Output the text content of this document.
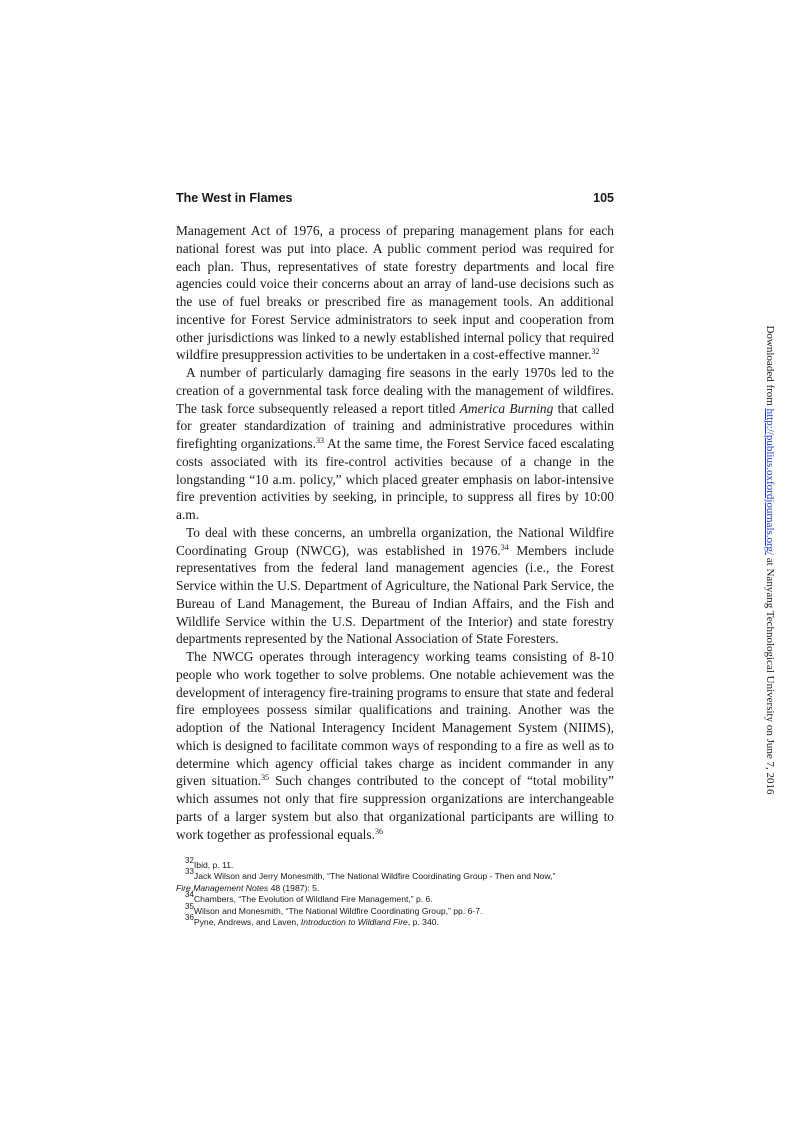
The West in Flames	105

Management Act of 1976, a process of preparing management plans for each national forest was put into place. A public comment period was required for each plan. Thus, representatives of state forestry departments and local fire agencies could voice their concerns about an array of land-use decisions such as the use of fuel breaks or prescribed fire as management tools. An additional incentive for Forest Service administrators to seek input and cooperation from other jurisdictions was linked to a newly established internal policy that required wildfire presuppression activities to be undertaken in a cost-effective manner.$^{32}$

A number of particularly damaging fire seasons in the early 1970s led to the creation of a governmental task force dealing with the management of wildfires. The task force subsequently released a report titled America Burning that called for greater standardization of training and administrative procedures within firefighting organizations.$^{33}$ At the same time, the Forest Service faced escalating costs associated with its fire-control activities because of a change in the longstanding “10 a.m. policy,” which placed greater emphasis on labor-intensive fire prevention activities by seeking, in principle, to suppress all fires by 10:00 a.m.

To deal with these concerns, an umbrella organization, the National Wildfire Coordinating Group (NWCG), was established in 1976.34 Members include representatives from the federal land management agencies (i.e., the Forest Service within the U.S. Department of Agriculture, the National Park Service, the Bureau of Land Management, the Bureau of Indian Affairs, and the Fish and Wildlife Service within the U.S. Department of the Interior) and state forestry departments represented by the National Association of State Foresters.

The NWCG operates through interagency working teams consisting of 8-10 people who work together to solve problems. One notable achievement was the development of interagency fire-training programs to ensure that state and federal fire employees possess similar qualifications and training. Another was the adoption of the National Interagency Incident Management System (NIIMS), which is designed to facilitate common ways of responding to a fire as well as to determine which agency official takes charge as incident commander in any given situation.$^{35}$ Such changes contributed to the concept of “total mobility” which assumes not only that fire suppression organizations are interchangeable parts of a larger system but also that organizational participants are willing to work together as professional equals.$^{36}$

$^{32}$Ibid, p. 11.
$^{33}$Jack Wilson and Jerry Monesmith, “The National Wildfire Coordinating Group - Then and Now,”
Fire Management Notes 48 (1987): 5.
$^{34}$Chambers, “The Evolution of Wildland Fire Management,” p. 6.
$^{35}$Wilson and Monesmith, “The National Wildfire Coordinating Group,” pp. 6-7.
$^{36}$Pyne, Andrews, and Laven, Introduction to Wildland Fire, p. 340.
Downloaded from http://publius.oxfordjournals.org/ at Nanyang Technological University on June 7, 2016
